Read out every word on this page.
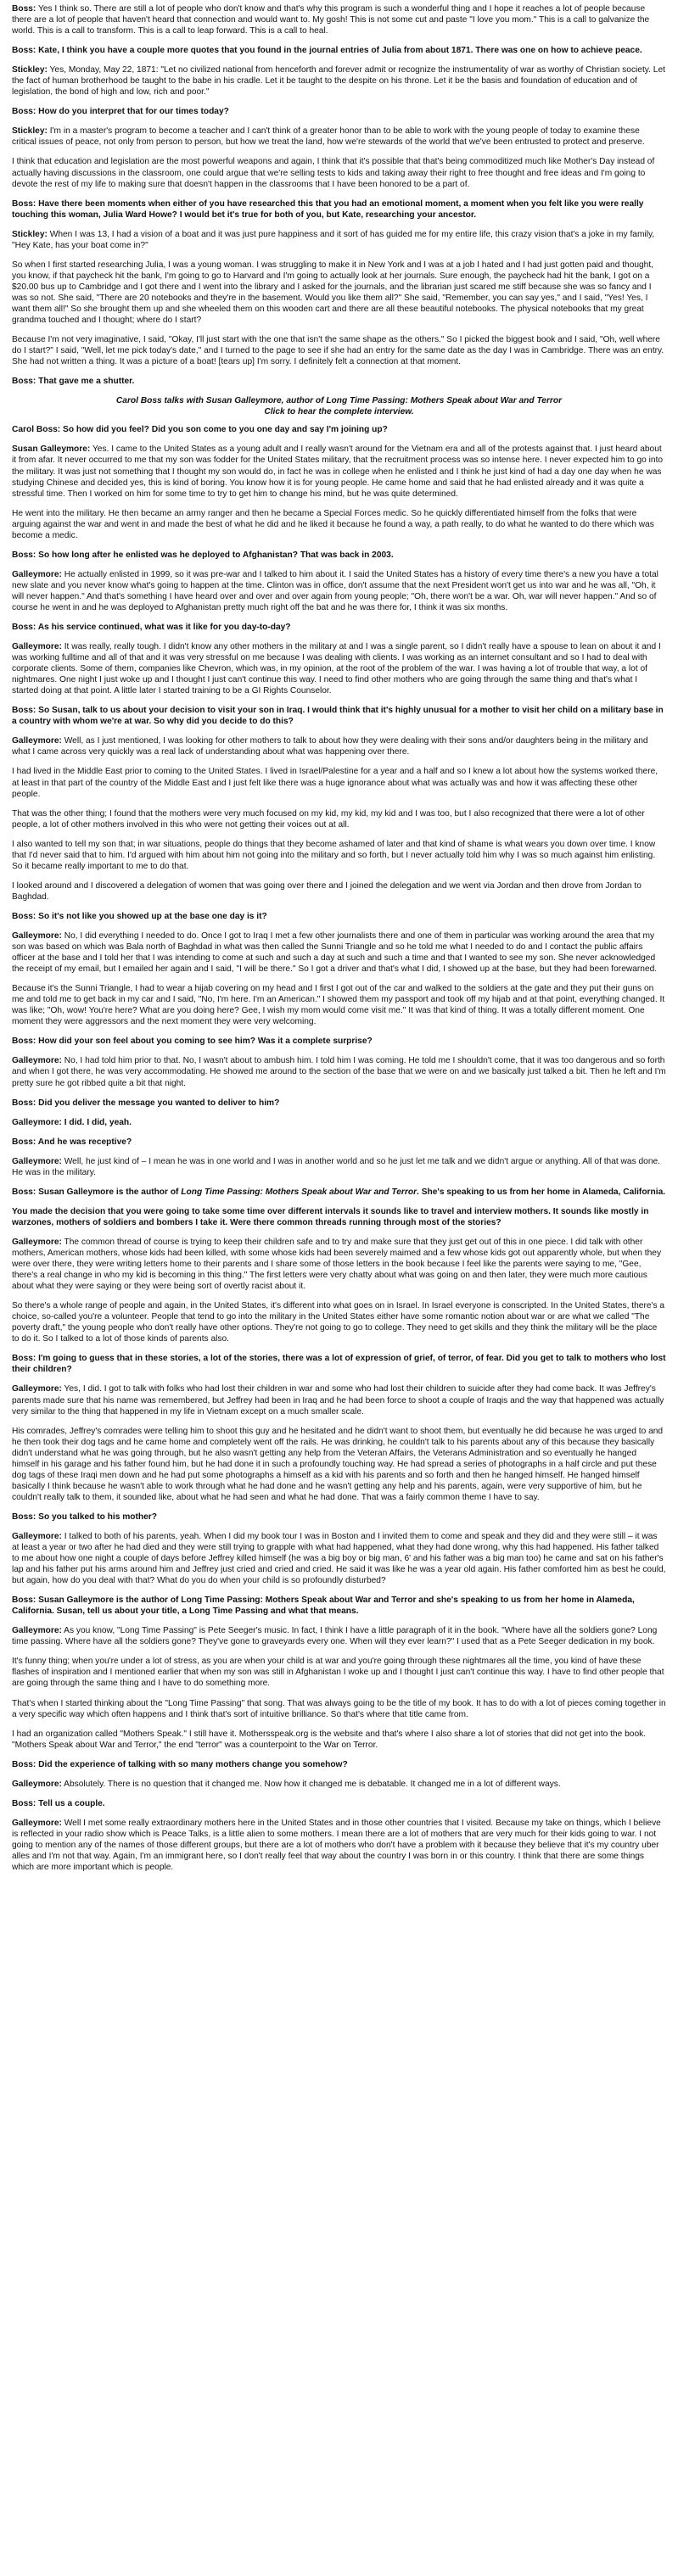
Boss: Yes I think so. There are still a lot of people who don't know and that's why this program is such a wonderful thing and I hope it reaches a lot of people because there are a lot of people that haven't heard that connection and would want to. My gosh! This is not some cut and paste "I love you mom." This is a call to galvanize the world. This is a call to transform. This is a call to leap forward. This is a call to heal.

Boss: Kate, I think you have a couple more quotes that you found in the journal entries of Julia from about 1871. There was one on how to achieve peace.

Stickley: Yes, Monday, May 22, 1871: "Let no civilized national from henceforth and forever admit or recognize the instrumentality of war as worthy of Christian society. Let the fact of human brotherhood be taught to the babe in his cradle. Let it be taught to the despite on his throne. Let it be the basis and foundation of education and of legislation, the bond of high and low, rich and poor."

Boss: How do you interpret that for our times today?

Stickley: I'm in a master's program to become a teacher and I can't think of a greater honor than to be able to work with the young people of today to examine these critical issues of peace, not only from person to person, but how we treat the land, how we're stewards of the world that we've been entrusted to protect and preserve.

I think that education and legislation are the most powerful weapons and again, I think that it's possible that that's being commoditized much like Mother's Day instead of actually having discussions in the classroom, one could argue that we're selling tests to kids and taking away their right to free thought and free ideas and I'm going to devote the rest of my life to making sure that doesn't happen in the classrooms that I have been honored to be a part of.

Boss: Have there been moments when either of you have researched this that you had an emotional moment, a moment when you felt like you were really touching this woman, Julia Ward Howe? I would bet it's true for both of you, but Kate, researching your ancestor.

Stickley: When I was 13, I had a vision of a boat and it was just pure happiness and it sort of has guided me for my entire life, this crazy vision that's a joke in my family, "Hey Kate, has your boat come in?"

So when I first started researching Julia, I was a young woman. I was struggling to make it in New York and I was at a job I hated and I had just gotten paid and thought, you know, if that paycheck hit the bank, I'm going to go to Harvard and I'm going to actually look at her journals. Sure enough, the paycheck had hit the bank, I got on a $20.00 bus up to Cambridge and I got there and I went into the library and I asked for the journals, and the librarian just scared me stiff because she was so fancy and I was so not. She said, "There are 20 notebooks and they're in the basement. Would you like them all?" She said, "Remember, you can say yes," and I said, "Yes! Yes, I want them all!" So she brought them up and she wheeled them on this wooden cart and there are all these beautiful notebooks. The physical notebooks that my great grandma touched and I thought; where do I start?

Because I'm not very imaginative, I said, "Okay, I'll just start with the one that isn't the same shape as the others." So I picked the biggest book and I said, "Oh, well where do I start?" I said, "Well, let me pick today's date," and I turned to the page to see if she had an entry for the same date as the day I was in Cambridge. There was an entry. She had not written a thing. It was a picture of a boat! [tears up] I'm sorry. I definitely felt a connection at that moment.

Boss: That gave me a shutter.

Carol Boss talks with Susan Galleymore, author of Long Time Passing: Mothers Speak about War and Terror
Click to hear the complete interview.

Carol Boss: So how did you feel? Did you son come to you one day and say I'm joining up?

Susan Galleymore: Yes. I came to the United States as a young adult and I really wasn't around for the Vietnam era and all of the protests against that. I just heard about it from afar. It never occurred to me that my son was fodder for the United States military, that the recruitment process was so intense here. I never expected him to go into the military. It was just not something that I thought my son would do, in fact he was in college when he enlisted and I think he just kind of had a day one day when he was studying Chinese and decided yes, this is kind of boring. You know how it is for young people. He came home and said that he had enlisted already and it was quite a stressful time. Then I worked on him for some time to try to get him to change his mind, but he was quite determined.

He went into the military. He then became an army ranger and then he became a Special Forces medic. So he quickly differentiated himself from the folks that were arguing against the war and went in and made the best of what he did and he liked it because he found a way, a path really, to do what he wanted to do there which was become a medic.

Boss: So how long after he enlisted was he deployed to Afghanistan? That was back in 2003.

Galleymore: He actually enlisted in 1999, so it was pre-war and I talked to him about it. I said the United States has a history of every time there's a new you have a total new slate and you never know what's going to happen at the time. Clinton was in office, don't assume that the next President won't get us into war and he was all, "Oh, it will never happen." And that's something I have heard over and over and over again from young people; "Oh, there won't be a war. Oh, war will never happen." And so of course he went in and he was deployed to Afghanistan pretty much right off the bat and he was there for, I think it was six months.

Boss: As his service continued, what was it like for you day-to-day?

Galleymore: It was really, really tough. I didn't know any other mothers in the military at and I was a single parent, so I didn't really have a spouse to lean on about it and I was working fulltime and all of that and it was very stressful on me because I was dealing with clients. I was working as an internet consultant and so I had to deal with corporate clients. Some of them, companies like Chevron, which was, in my opinion, at the root of the problem of the war. I was having a lot of trouble that way, a lot of nightmares. One night I just woke up and I thought I just can't continue this way. I need to find other mothers who are going through the same thing and that's what I started doing at that point. A little later I started training to be a GI Rights Counselor.

Boss: So Susan, talk to us about your decision to visit your son in Iraq. I would think that it's highly unusual for a mother to visit her child on a military base in a country with whom we're at war. So why did you decide to do this?

Galleymore: Well, as I just mentioned, I was looking for other mothers to talk to about how they were dealing with their sons and/or daughters being in the military and what I came across very quickly was a real lack of understanding about what was happening over there.

I had lived in the Middle East prior to coming to the United States. I lived in Israel/Palestine for a year and a half and so I knew a lot about how the systems worked there, at least in that part of the country of the Middle East and I just felt like there was a huge ignorance about what was actually was and how it was affecting these other people.

That was the other thing; I found that the mothers were very much focused on my kid, my kid, my kid and I was too, but I also recognized that there were a lot of other people, a lot of other mothers involved in this who were not getting their voices out at all.

I also wanted to tell my son that; in war situations, people do things that they become ashamed of later and that kind of shame is what wears you down over time. I know that I'd never said that to him. I'd argued with him about him not going into the military and so forth, but I never actually told him why I was so much against him enlisting. So it became really important to me to do that.

I looked around and I discovered a delegation of women that was going over there and I joined the delegation and we went via Jordan and then drove from Jordan to Baghdad.

Boss: So it's not like you showed up at the base one day is it?

Galleymore: No, I did everything I needed to do. Once I got to Iraq I met a few other journalists there and one of them in particular was working around the area that my son was based on which was Bala north of Baghdad in what was then called the Sunni Triangle and so he told me what I needed to do and I contact the public affairs officer at the base and I told her that I was intending to come at such and such a day at such and such a time and that I wanted to see my son. She never acknowledged the receipt of my email, but I emailed her again and I said, "I will be there." So I got a driver and that's what I did, I showed up at the base, but they had been forewarned.

Because it's the Sunni Triangle, I had to wear a hijab covering on my head and I first I got out of the car and walked to the soldiers at the gate and they put their guns on me and told me to get back in my car and I said, "No, I'm here. I'm an American." I showed them my passport and took off my hijab and at that point, everything changed. It was like; "Oh, wow! You're here? What are you doing here? Gee, I wish my mom would come visit me." It was that kind of thing. It was a totally different moment. One moment they were aggressors and the next moment they were very welcoming.

Boss: How did your son feel about you coming to see him? Was it a complete surprise?

Galleymore: No, I had told him prior to that. No, I wasn't about to ambush him. I told him I was coming. He told me I shouldn't come, that it was too dangerous and so forth and when I got there, he was very accommodating. He showed me around to the section of the base that we were on and we basically just talked a bit. Then he left and I'm pretty sure he got ribbed quite a bit that night.

Boss: Did you deliver the message you wanted to deliver to him?

Galleymore: I did. I did, yeah.

Boss: And he was receptive?

Galleymore: Well, he just kind of – I mean he was in one world and I was in another world and so he just let me talk and we didn't argue or anything. All of that was done. He was in the military.

Boss: Susan Galleymore is the author of Long Time Passing: Mothers Speak about War and Terror. She's speaking to us from her home in Alameda, California.

You made the decision that you were going to take some time over different intervals it sounds like to travel and interview mothers. It sounds like mostly in warzones, mothers of soldiers and bombers I take it. Were there common threads running through most of the stories?

Galleymore: The common thread of course is trying to keep their children safe and to try and make sure that they just get out of this in one piece. I did talk with other mothers, American mothers, whose kids had been killed, with some whose kids had been severely maimed and a few whose kids got out apparently whole, but when they were over there, they were writing letters home to their parents and I share some of those letters in the book because I feel like the parents were saying to me, "Gee, there's a real change in who my kid is becoming in this thing." The first letters were very chatty about what was going on and then later, they were much more cautious about what they were saying or they were being sort of overtly racist about it.

So there's a whole range of people and again, in the United States, it's different into what goes on in Israel. In Israel everyone is conscripted. In the United States, there's a choice, so-called you're a volunteer. People that tend to go into the military in the United States either have some romantic notion about war or are what we called "The poverty draft," the young people who don't really have other options. They're not going to go to college. They need to get skills and they think the military will be the place to do it. So I talked to a lot of those kinds of parents also.

Boss: I'm going to guess that in these stories, a lot of the stories, there was a lot of expression of grief, of terror, of fear. Did you get to talk to mothers who lost their children?

Galleymore: Yes, I did. I got to talk with folks who had lost their children in war and some who had lost their children to suicide after they had come back. It was Jeffrey's parents made sure that his name was remembered, but Jeffrey had been in Iraq and he had been force to shoot a couple of Iraqis and the way that happened was actually very similar to the thing that happened in my life in Vietnam except on a much smaller scale.

His comrades, Jeffrey's comrades were telling him to shoot this guy and he hesitated and he didn't want to shoot them, but eventually he did because he was urged to and he then took their dog tags and he came home and completely went off the rails. He was drinking, he couldn't talk to his parents about any of this because they basically didn't understand what he was going through, but he also wasn't getting any help from the Veteran Affairs, the Veterans Administration and so eventually he hanged himself in his garage and his father found him, but he had done it in such a profoundly touching way. He had spread a series of photographs in a half circle and put these dog tags of these Iraqi men down and he had put some photographs a himself as a kid with his parents and so forth and then he hanged himself. He hanged himself basically I think because he wasn't able to work through what he had done and he wasn't getting any help and his parents, again, were very supportive of him, but he couldn't really talk to them, it sounded like, about what he had seen and what he had done. That was a fairly common theme I have to say.

Boss: So you talked to his mother?

Galleymore: I talked to both of his parents, yeah. When I did my book tour I was in Boston and I invited them to come and speak and they did and they were still – it was at least a year or two after he had died and they were still trying to grapple with what had happened, what they had done wrong, why this had happened. His father talked to me about how one night a couple of days before Jeffrey killed himself (he was a big boy or big man, 6' and his father was a big man too) he came and sat on his father's lap and his father put his arms around him and Jeffrey just cried and cried and cried. He said it was like he was a year old again. His father comforted him as best he could, but again, how do you deal with that? What do you do when your child is so profoundly disturbed?

Boss: Susan Galleymore is the author of Long Time Passing: Mothers Speak about War and Terror and she's speaking to us from her home in Alameda, California. Susan, tell us about your title, a Long Time Passing and what that means.

Galleymore: As you know, "Long Time Passing" is Pete Seeger's music. In fact, I think I have a little paragraph of it in the book. "Where have all the soldiers gone? Long time passing. Where have all the soldiers gone? They've gone to graveyards every one. When will they ever learn?" I used that as a Pete Seeger dedication in my book.

It's funny thing; when you're under a lot of stress, as you are when your child is at war and you're going through these nightmares all the time, you kind of have these flashes of inspiration and I mentioned earlier that when my son was still in Afghanistan I woke up and I thought I just can't continue this way. I have to find other people that are going through the same thing and I have to do something more.

That's when I started thinking about the "Long Time Passing" that song. That was always going to be the title of my book. It has to do with a lot of pieces coming together in a very specific way which often happens and I think that's sort of intuitive brilliance. So that's where that title came from.

I had an organization called "Mothers Speak." I still have it. Mothersspeak.org is the website and that's where I also share a lot of stories that did not get into the book. "Mothers Speak about War and Terror," the end "terror" was a counterpoint to the War on Terror.

Boss: Did the experience of talking with so many mothers change you somehow?

Galleymore: Absolutely. There is no question that it changed me. Now how it changed me is debatable. It changed me in a lot of different ways.

Boss: Tell us a couple.

Galleymore: Well I met some really extraordinary mothers here in the United States and in those other countries that I visited. Because my take on things, which I believe is reflected in your radio show which is Peace Talks, is a little alien to some mothers. I mean there are a lot of mothers that are very much for their kids going to war. I not going to mention any of the names of those different groups, but there are a lot of mothers who don't have a problem with it because they believe that it's my country uber alles and I'm not that way. Again, I'm an immigrant here, so I don't really feel that way about the country I was born in or this country. I think that there are some things which are more important which is people.
